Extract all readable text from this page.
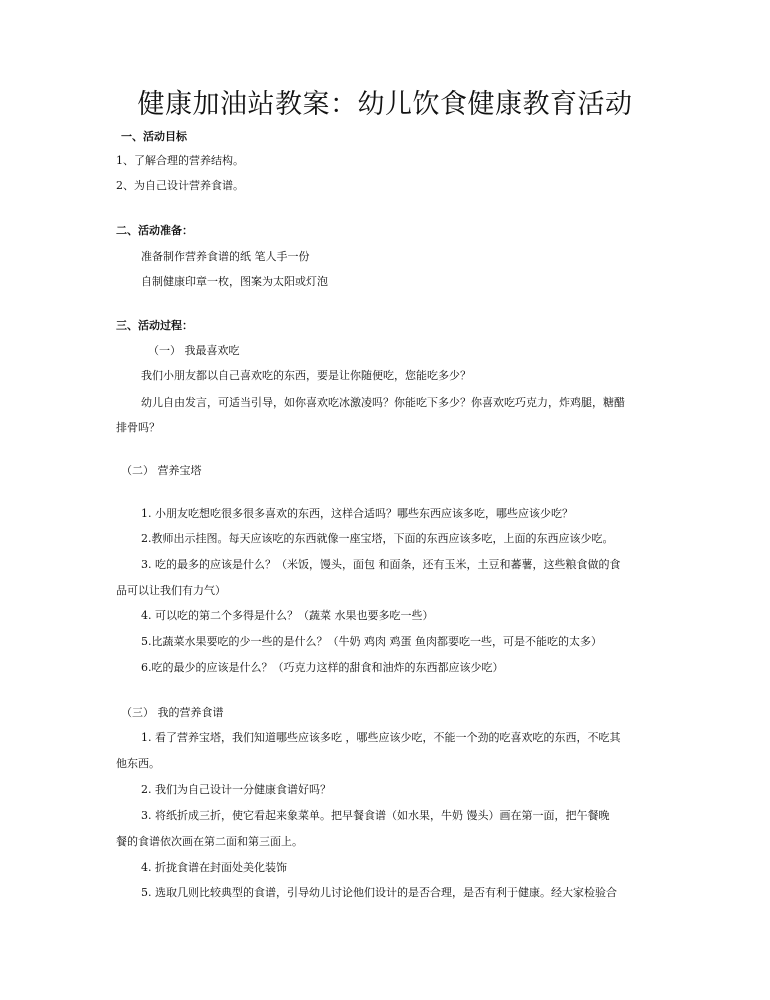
健康加油站教案：幼儿饮食健康教育活动

一、活动目标

1、了解合理的营养结构。

2、为自己设计营养食谱。

二、活动准备：

准备制作营养食谱的纸 笔人手一份

自制健康印章一枚，图案为太阳或灯泡

三、活动过程：

（一） 我最喜欢吃

我们小朋友都以自己喜欢吃的东西，要是让你随便吃，您能吃多少？

幼儿自由发言，可适当引导，如你喜欢吃冰激凌吗？你能吃下多少？你喜欢吃巧克力，炸鸡腿，糖醋

排骨吗？

（二） 营养宝塔

1. 小朋友吃想吃很多很多喜欢的东西，这样合适吗？哪些东西应该多吃，哪些应该少吃？

2.教师出示挂图。每天应该吃的东西就像一座宝塔，下面的东西应该多吃，上面的东西应该少吃。

3. 吃的最多的应该是什么？（米饭，馒头，面包 和面条，还有玉米，土豆和蕃薯，这些粮食做的食

品可以让我们有力气）

4. 可以吃的第二个多得是什么？（蔬菜 水果也要多吃一些）

5.比蔬菜水果要吃的少一些的是什么？（牛奶 鸡肉 鸡蛋 鱼肉都要吃一些，可是不能吃的太多）

6.吃的最少的应该是什么？（巧克力这样的甜食和油炸的东西都应该少吃）

（三） 我的营养食谱

1. 看了营养宝塔，我们知道哪些应该多吃 ，哪些应该少吃，不能一个劲的吃喜欢吃的东西，不吃其

他东西。

2. 我们为自己设计一分健康食谱好吗？

3. 将纸折成三折，使它看起来象菜单。把早餐食谱（如水果，牛奶 馒头）画在第一面，把午餐晚

餐的食谱依次画在第二面和第三面上。

4. 折拢食谱在封面处美化装饰

5. 选取几则比较典型的食谱，引导幼儿讨论他们设计的是否合理，是否有利于健康。经大家检验合
